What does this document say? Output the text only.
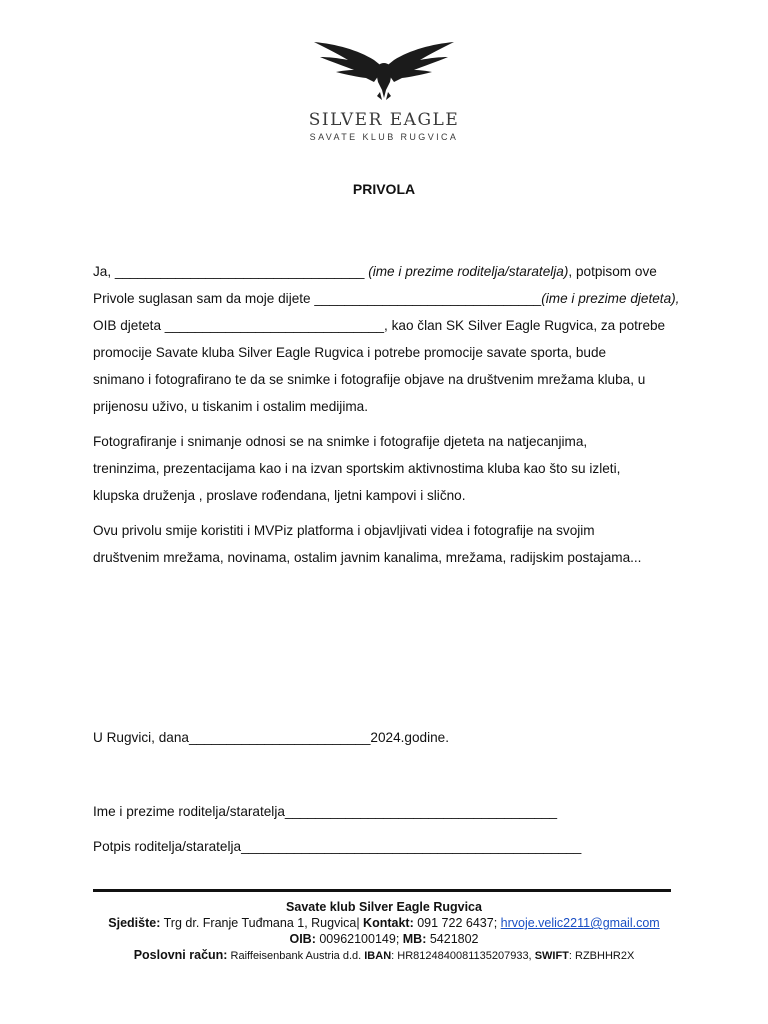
SILVER EAGLE
SAVATE KLUB RUGVICA
PRIVOLA
Ja, _________________________________ (ime i prezime roditelja/staratelja), potpisom ove
Privole suglasan sam da moje dijete ______________________________(ime i prezime djeteta),
OIB djeteta _____________________________, kao član SK Silver Eagle Rugvica, za potrebe
promocije Savate kluba Silver Eagle Rugvica i potrebe promocije savate sporta, bude
snimano i fotografirano te da se snimke i fotografije objave na društvenim mrežama kluba, u
prijenosu uživo, u tiskanim i ostalim medijima.
Fotografiranje i snimanje odnosi se na snimke i fotografije djeteta na natjecanjima,
treninzima, prezentacijama kao i na izvan sportskim aktivnostima kluba kao što su izleti,
klupska druženja , proslave rođendana, ljetni kampovi i slično.
Ovu privolu smije koristiti i MVPiz platforma i objavljivati videa i fotografije na svojim
društvenim mrežama, novinama, ostalim javnim kanalima, mrežama, radijskim postajama...
U Rugvici, dana________________________2024.godine.
Ime i prezime roditelja/staratelja____________________________________
Potpis roditelja/staratelja_____________________________________________
Savate klub Silver Eagle Rugvica
Sjedište: Trg dr. Franje Tuđmana 1, Rugvica| Kontakt: 091 722 6437; hrvoje.velic2211@gmail.com
OIB: 00962100149; MB: 5421802
Poslovni račun: Raiffeisenbank Austria d.d. IBAN: HR8124840081135207933, SWIFT: RZBHHR2X
